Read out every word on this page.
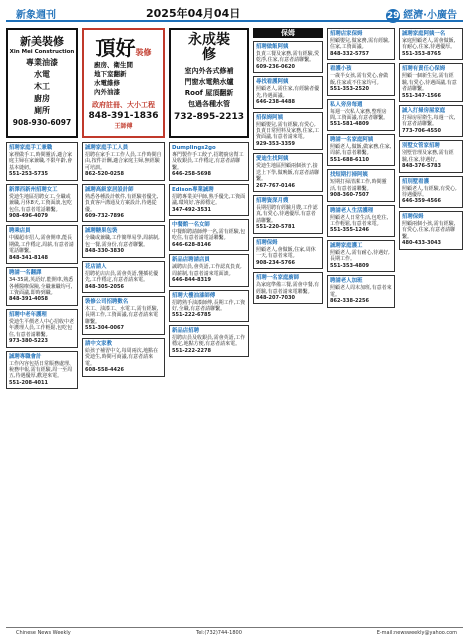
新象週刊	2025年04月04日	29 經濟·小廣告
新美裝修
Xin Mei Construction
專業油漆
水電
木工
廚房
廁所
908-930-6097
頂好裝修
廚房、衛生間
地下室翻新
水電維修
內外油漆
政府註冊、大小工程
848-391-1836
王師傅
永成裝修
室內外各式修補
門窗水電熱水爐
Roof 屋頂翻新
包過各種水管
732-895-2213
招聘家庭手工兼職
家裡做手工,時間靈活,適合家庭主婦在家兼職,不限年齡,會基本縫紉。
551-253-5735
新澤西新州招聘女工
愛迪生地區招聘女工,全職或兼職,月休8天,工資面談,包吃包住,有意者電話聯繫。
908-496-4079
聘乘店員
中國超市招人,需會開車,能長期做,工作穩定,周薪,有意者請電話聯繫。
848-341-8148
聘請一名翻譯
34-35歲,英語好,能開車,熟悉各種醫療保險,全職兼職均可,工資面議,即時到職。
848-391-4058
招聘中老年護理
愛迪生平價老人中心招收中老年護理人員,工作輕鬆,包吃包住,有意者請聯繫。
973-380-5223
誠聘專職會計
工作內容包括日常賬務處理、稅務申報,需有經驗,周一至周五,待遇優厚,歡迎來電。
551-208-4011
誠聘家庭手工人員
招聘在家手工工作人員,工作時間自由,按件計酬,適合家庭主婦,無經驗可培訓。
862-520-0258
誠聘高級家居設計師
熟悉各種設計軟件,有經驗者優先,負責客戶溝通及方案設計,待遇從優。
609-732-7896
誠聘糖果包裝
全職或兼職,工作簡單易學,周薪制,包一餐,需身份,有意者聯繫。
848-330-3830
花店請人
招聘花店店員,需會英語,懂插花優先,工作穩定,有意者請來電。
848-305-2056
裝修公司招聘數名
木工、油漆工、水電工,需有經驗,長期工作,工資面議,有意者請來電聯繫。
551-304-0067
請中文家教
給孩子補習中文,每周兩次,地點在愛迪生,時間可商議,有意者請來電。
608-558-4426
Dumplings2go
專門製作手工餃子,招聘廚房幫工及收銀員,工作穩定,有意者請聯繫。
646-258-5698
Edison專業誠聘
招聘專業美甲師,熟手優先,工資面議,環境好,客源穩定。
347-492-3531
中餐館一名女師
中餐館聘請師傅一名,需有經驗,包吃住,有意者請電話聯繫。
646-628-8146
新品店聘請店員
誠聘店員,會英語,工作認真負責,周薪制,有意者請來電面談。
646-844-8319
招聘大樓油漆師傅
招聘熟手油漆師傅,長期工作,工資好,全職,有意者請聯繫。
551-222-6785
新品店招聘
招聘店員及收銀員,需會英語,工作穩定,地點方便,有意者請來電。
551-222-2278
保姆
招聘做飯阿姨
負責三餐及家務,需有經驗,愛乾淨,住家,有意者請聯繫。
609-236-0620
尋找看護阿姨
照顧老人,需住家,有經驗者優先,待遇面議。
646-238-4488
招保姆阿姨
照顧嬰兒,需有經驗,有愛心,負責日常照料及家務,住家,工資面議,有意者請來電。
929-353-3359
愛迪生找阿姨
愛迪生地區照顧兩個孩子,接送上下學,做晚飯,有意者請聯繫。
267-767-0146
招聘資深月嫂
長期招聘有經驗月嫂,工作認真,有愛心,待遇優厚,有意者請聯繫。
551-220-5781
招聘保姆
照顧老人,會做飯,住家,周休一天,有意者來電。
908-234-5766
招聘一名家庭廚師
為家庭準備三餐,需會中餐,有經驗,有意者請來電聯繫。
848-207-7030
招聘店家保姆
照顧嬰兒,做家務,需有經驗,住家,工資面議。
848-332-5757
看護小孩
一歲半女孩,需有愛心,會做飯,住家或不住家均可。
551-353-2520
私人旁房每週
每週一次私人家務,整理房間,工資面議,有意者聯繫。
551-581-4809
聘請一名家庭阿姨
照顧老人,做飯,做家務,住家,周薪,有意者聯繫。
551-688-6110
找短期打掃阿姨
短期打掃清潔工作,時間靈活,有意者請聯繫。
908-360-7507
聘請老人生活護理
照顧老人日常生活,包吃住,工作輕鬆,有意者來電。
551-355-1246
誠聘家庭護工
照顧老人,需有耐心,待遇好,長期工作。
551-353-4809
聘請老人加班
照顧老人周末加班,有意者來電。
862-338-2256
誠聘家庭阿姨一名
家庭照顧老人,需會做飯,有耐心,住家,待遇優厚。
551-353-8765
招聘有責任心保姆
照顧一個新生兒,需有經驗,有愛心,待遇面議,有意者請聯繫。
551-347-1566
誠入打掃房屋家庭
打掃房屋衛生,每週一次,有意者請聯繫。
773-706-4550
別墅女管家招聘
別墅管理及家務,需有經驗,住家,待遇好。
848-376-5783
招別墅看護
照顧老人,有經驗,有愛心,待遇優厚。
646-359-4566
招聘保姆
照顧兩個小孩,需有經驗,有愛心,住家,有意者請聯繫。
480-433-3043
Chinese News Weekly	Tel:(732)744-1800	E-mail:newsweekly@yahoo.com
